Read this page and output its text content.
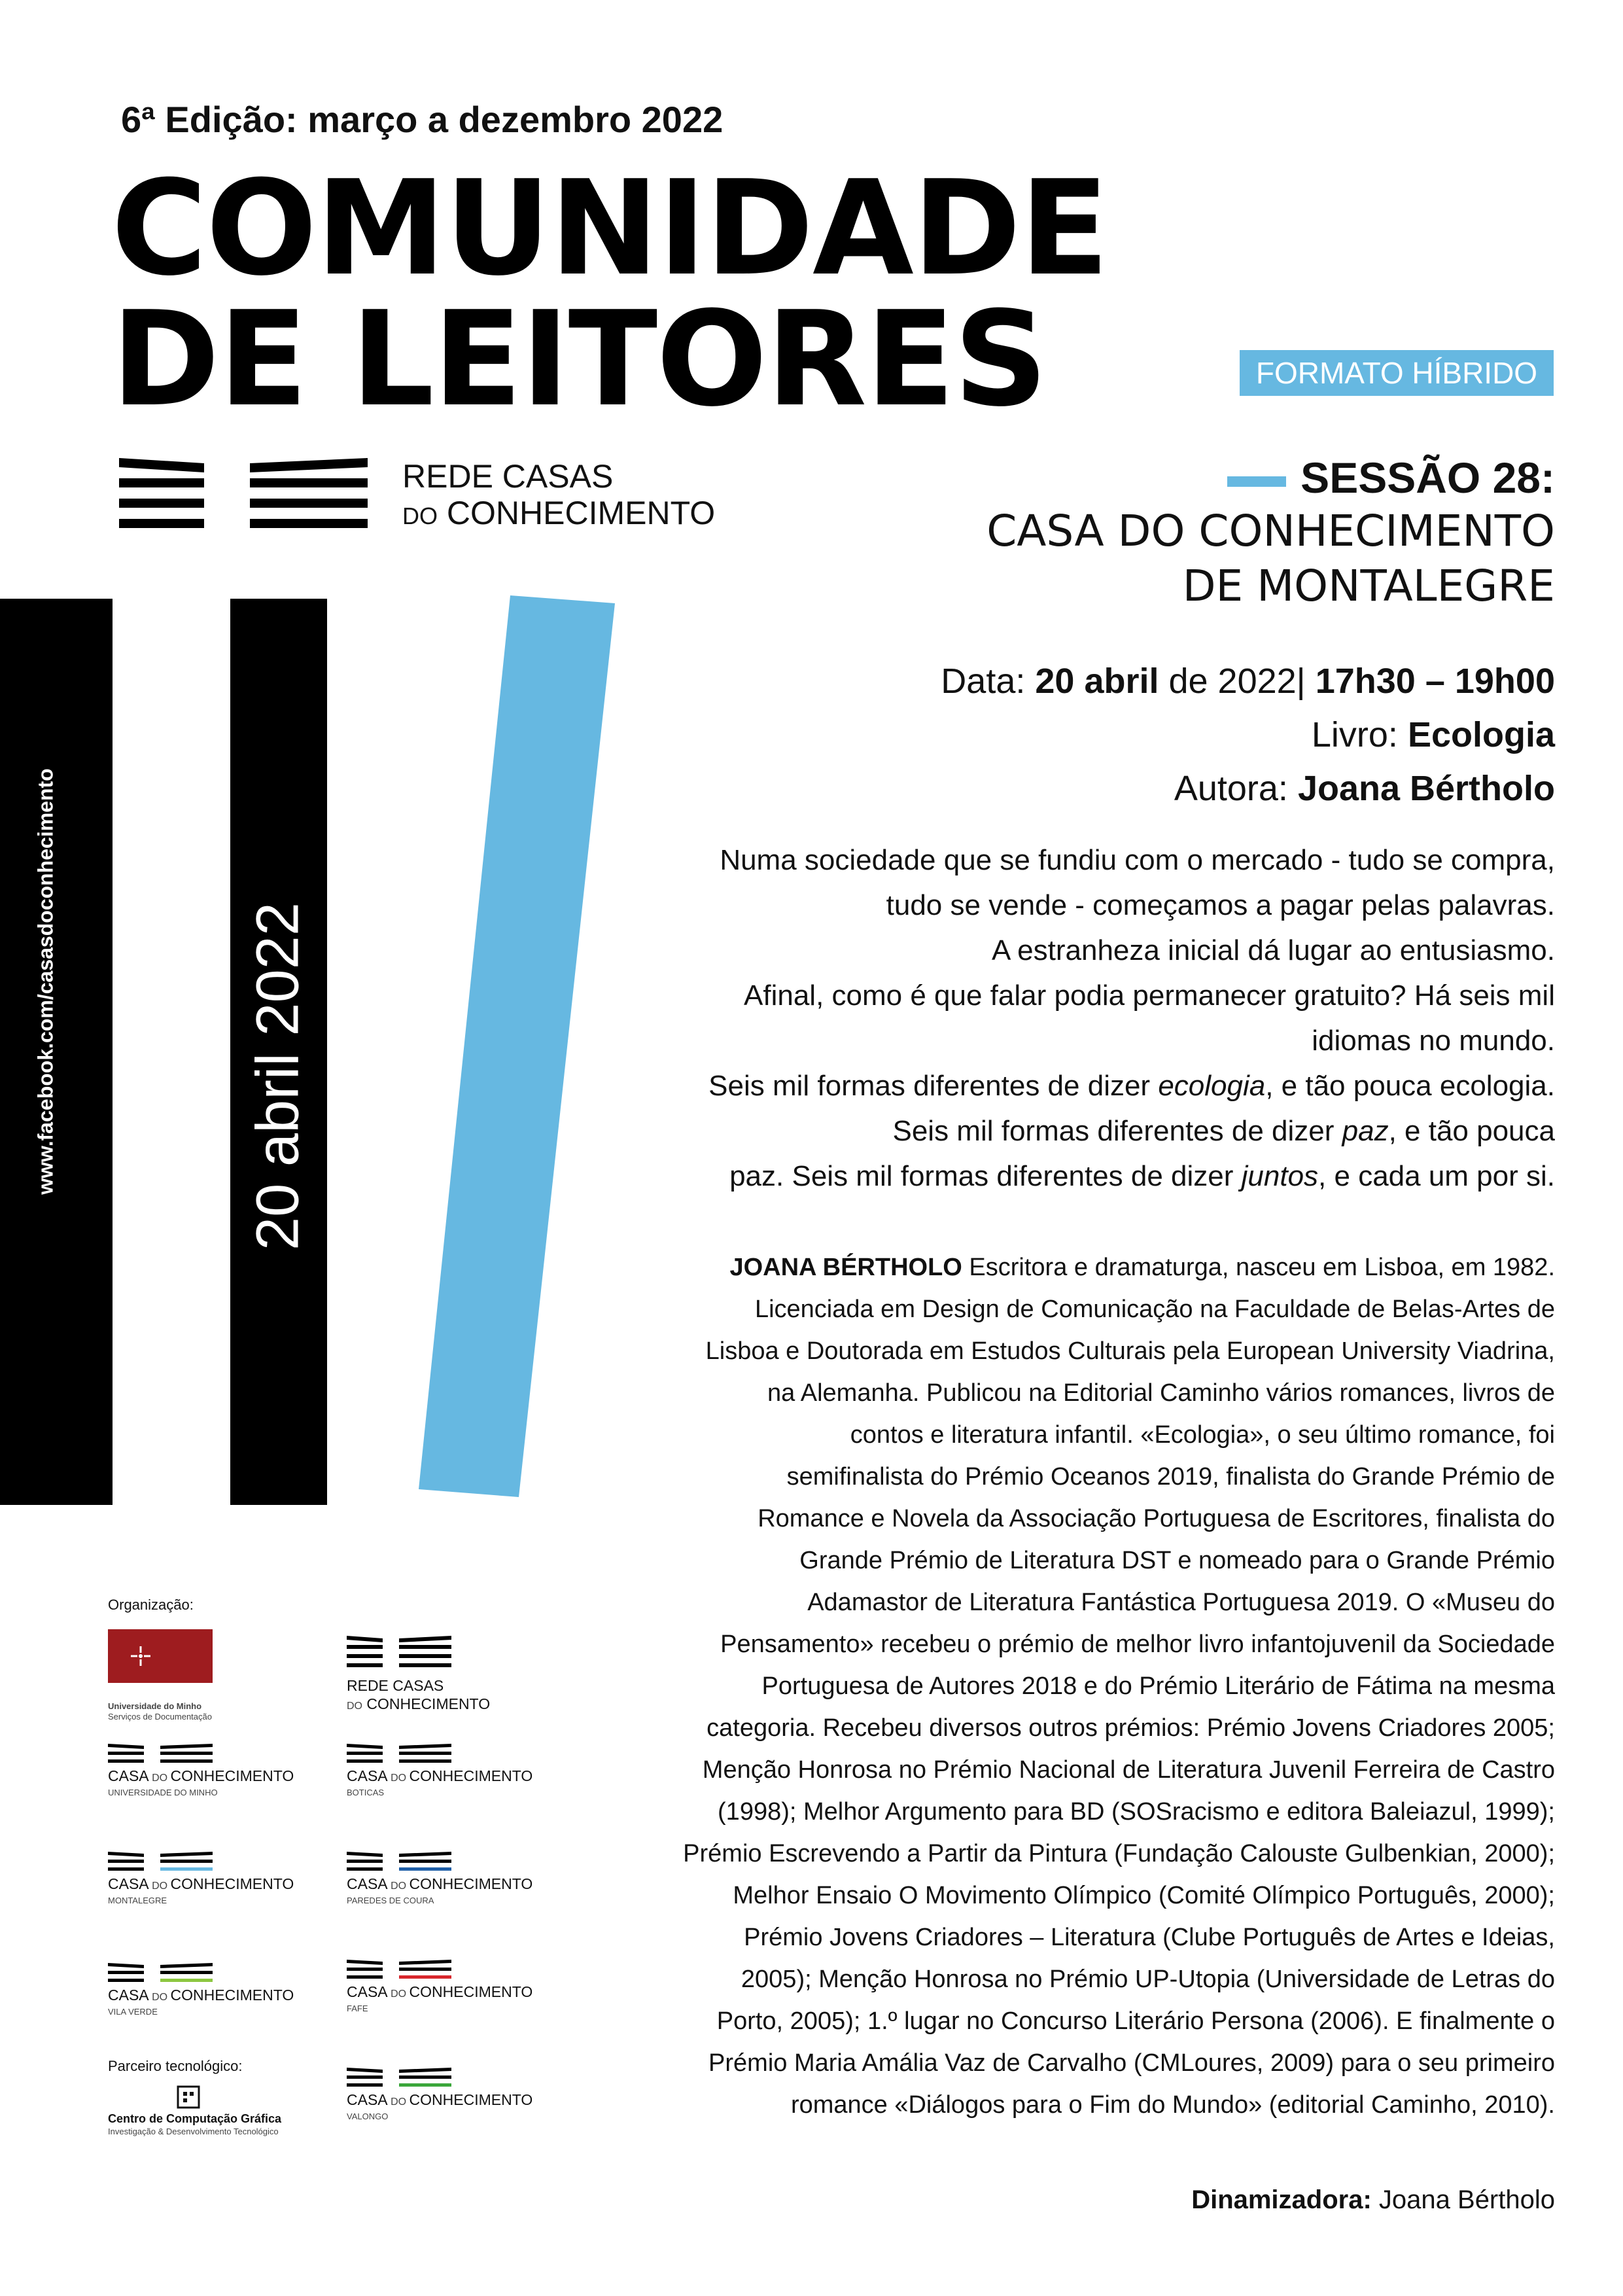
6ª Edição: março a dezembro 2022
COMUNIDADE
DE LEITORES	FORMATO HÍBRIDO
REDE CASAS
DO CONHECIMENTO
www.facebook.com/casasdoconhecimento	20 abril 2022
SESSÃO 28:
CASA DO CONHECIMENTO
DE MONTALEGRE
Data: 20 abril de 2022| 17h30 – 19h00
Livro: Ecologia
Autora: Joana Bértholo
Numa sociedade que se fundiu com o mercado - tudo se compra,
tudo se vende - começamos a pagar pelas palavras.
A estranheza inicial dá lugar ao entusiasmo.
Afinal, como é que falar podia permanecer gratuito? Há seis mil
idiomas no mundo.
Seis mil formas diferentes de dizer ecologia, e tão pouca ecologia.
Seis mil formas diferentes de dizer paz, e tão pouca
paz. Seis mil formas diferentes de dizer juntos, e cada um por si.
JOANA BÉRTHOLO Escritora e dramaturga, nasceu em Lisboa, em 1982.
Licenciada em Design de Comunicação na Faculdade de Belas-Artes de
Lisboa e Doutorada em Estudos Culturais pela European University Viadrina,
na Alemanha. Publicou na Editorial Caminho vários romances, livros de
contos e literatura infantil. «Ecologia», o seu último romance, foi
semifinalista do Prémio Oceanos 2019, finalista do Grande Prémio de
Romance e Novela da Associação Portuguesa de Escritores, finalista do
Grande Prémio de Literatura DST e nomeado para o Grande Prémio
Adamastor de Literatura Fantástica Portuguesa 2019. O «Museu do
Pensamento» recebeu o prémio de melhor livro infantojuvenil da Sociedade
Portuguesa de Autores 2018 e do Prémio Literário de Fátima na mesma
categoria. Recebeu diversos outros prémios: Prémio Jovens Criadores 2005;
Menção Honrosa no Prémio Nacional de Literatura Juvenil Ferreira de Castro
(1998); Melhor Argumento para BD (SOSracismo e editora Baleiazul, 1999);
Prémio Escrevendo a Partir da Pintura (Fundação Calouste Gulbenkian, 2000);
Melhor Ensaio O Movimento Olímpico (Comité Olímpico Português, 2000);
Prémio Jovens Criadores – Literatura (Clube Português de Artes e Ideias,
2005); Menção Honrosa no Prémio UP-Utopia (Universidade de Letras do
Porto, 2005); 1.º lugar no Concurso Literário Persona (2006). E finalmente o
Prémio Maria Amália Vaz de Carvalho (CMLoures, 2009) para o seu primeiro
romance «Diálogos para o Fim do Mundo» (editorial Caminho, 2010).
Dinamizadora: Joana Bértholo
Organização:
Universidade do Minho
Serviços de Documentação
REDE CASAS
DO CONHECIMENTO
CASA DO CONHECIMENTO
UNIVERSIDADE DO MINHO
CASA DO CONHECIMENTO
BOTICAS
CASA DO CONHECIMENTO
MONTALEGRE
CASA DO CONHECIMENTO
PAREDES DE COURA
CASA DO CONHECIMENTO
VILA VERDE
CASA DO CONHECIMENTO
FAFE
CASA DO CONHECIMENTO
VALONGO
Parceiro tecnológico:
Centro de Computação Gráfica
Investigação & Desenvolvimento Tecnológico
